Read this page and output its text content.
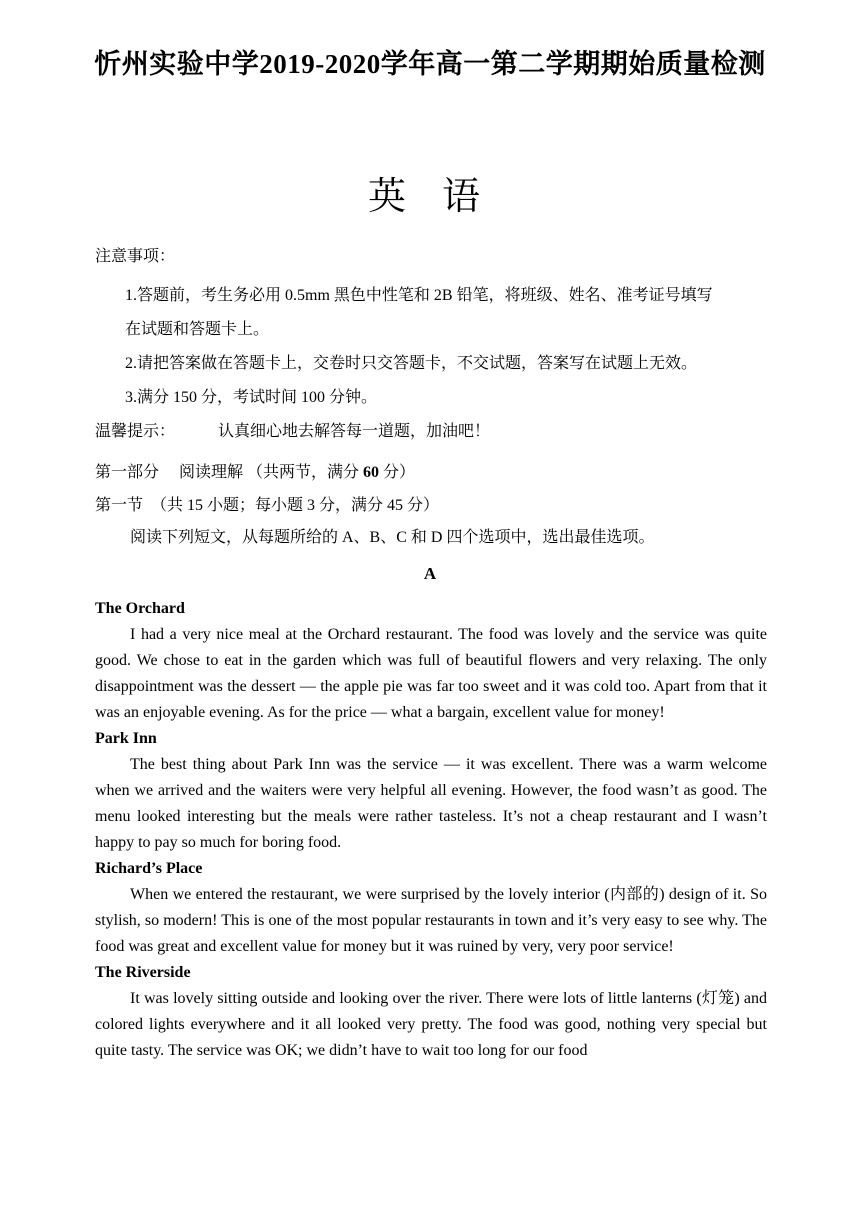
忻州实验中学2019-2020学年高一第二学期期始质量检测
英 语
注意事项：
1.答题前，考生务必用 0.5mm 黑色中性笔和 2B 铅笔，将班级、姓名、准考证号填写
在试题和答题卡上。
2.请把答案做在答题卡上，交卷时只交答题卡，不交试题，答案写在试题上无效。
3.满分 150 分，考试时间 100 分钟。
温馨提示：	认真细心地去解答每一道题，加油吧！
第一部分　 阅读理解 （共两节，满分 60 分）
第一节　（共 15 小题；每小题 3 分，满分 45 分）
阅读下列短文，从每题所给的 A、B、C 和 D 四个选项中，选出最佳选项。
A

The Orchard

I had a very nice meal at the Orchard restaurant. The food was lovely and the service was quite good. We chose to eat in the garden which was full of beautiful flowers and very relaxing. The only disappointment was the dessert — the apple pie was far too sweet and it was cold too. Apart from that it was an enjoyable evening. As for the price — what a bargain, excellent value for money!

Park Inn

The best thing about Park Inn was the service — it was excellent. There was a warm welcome when we arrived and the waiters were very helpful all evening. However, the food wasn’t as good. The menu looked interesting but the meals were rather tasteless. It’s not a cheap restaurant and I wasn’t happy to pay so much for boring food.

Richard’s Place

When we entered the restaurant, we were surprised by the lovely interior (内部的) design of it. So stylish, so modern! This is one of the most popular restaurants in town and it’s very easy to see why. The food was great and excellent value for money but it was ruined by very, very poor service!

The Riverside

It was lovely sitting outside and looking over the river. There were lots of little lanterns (灯笼) and colored lights everywhere and it all looked very pretty. The food was good, nothing very special but quite tasty. The service was OK; we didn’t have to wait too long for our food
